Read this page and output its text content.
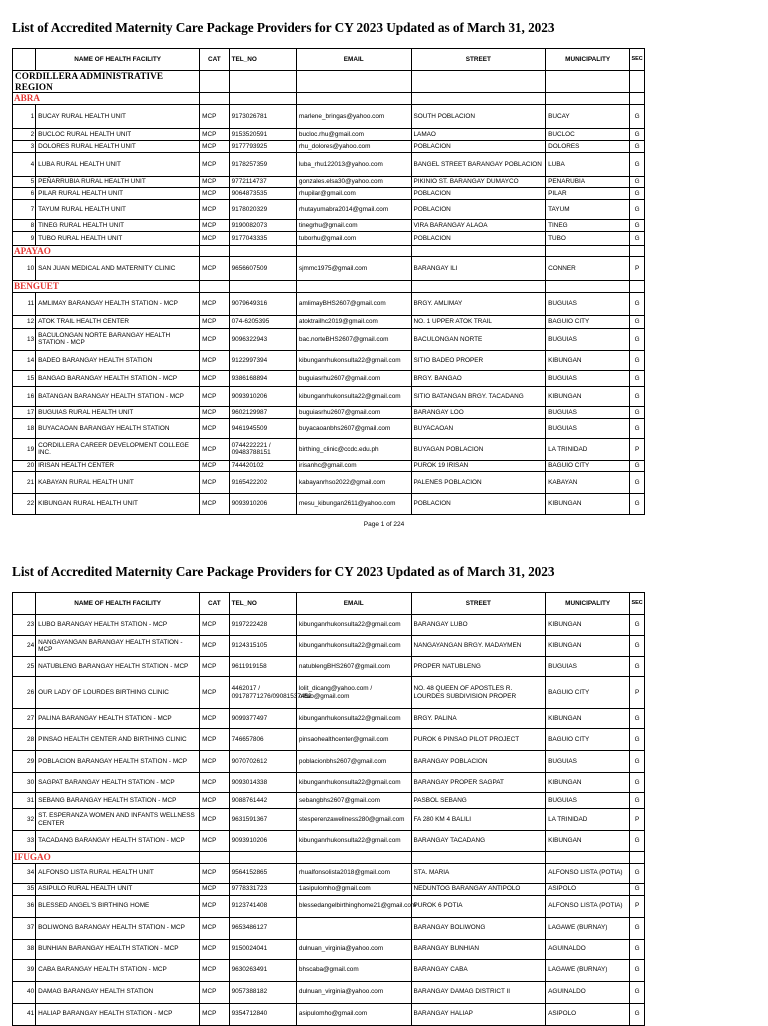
List of Accredited Maternity Care Package Providers for CY 2023 Updated as of March 31, 2023
	NAME OF HEALTH FACILITY	CAT	TEL_NO	EMAIL	STREET	MUNICIPALITY	SEC
CORDILLERA ADMINISTRATIVE REGION							
ABRA							
1	BUCAY RURAL HEALTH UNIT	MCP	9173026781	marlene_bringas@yahoo.com	SOUTH POBLACION	BUCAY	G
2	BUCLOC RURAL HEALTH UNIT	MCP	9153520591	bucloc.rhu@gmail.com	LAMAO	BUCLOC	G
3	DOLORES RURAL HEALTH UNIT	MCP	9177793925	rhu_dolores@yahoo.com	POBLACION	DOLORES	G
4	LUBA RURAL HEALTH UNIT	MCP	9178257359	luba_rhu122013@yahoo.com	BANGEL STREET BARANGAY POBLACION	LUBA	G
5	PEÑARRUBIA RURAL HEALTH UNIT	MCP	9772114737	gonzales.elsa30@yahoo.com	PIKINIO ST. BARANGAY DUMAYCO	PENARUBIA	G
6	PILAR RURAL HEALTH UNIT	MCP	9064873535	rhupilar@gmail.com	POBLACION	PILAR	G
7	TAYUM RURAL HEALTH UNIT	MCP	9178020329	rhutayumabra2014@gmail.com	POBLACION	TAYUM	G
8	TINEG RURAL HEALTH UNIT	MCP	9190082073	tinegrhu@gmail.com	VIRA BARANGAY ALAOA	TINEG	G
9	TUBO RURAL HEALTH UNIT	MCP	9177043335	tuborhu@gmail.com	POBLACION	TUBO	G
APAYAO							
10	SAN JUAN MEDICAL AND MATERNITY CLINIC	MCP	9656607509	sjmmc1975@gmail.com	BARANGAY ILI	CONNER	P
BENGUET							
11	AMLIMAY BARANGAY HEALTH STATION - MCP	MCP	9079649316	amlimayBHS2607@gmail.com	BRGY. AMLIMAY	BUGUIAS	G
12	ATOK TRAIL HEALTH CENTER	MCP	074-6205395	atoktrailhc2019@gmail.com	NO. 1 UPPER ATOK TRAIL	BAGUIO CITY	G
13	BACULONGAN NORTE BARANGAY HEALTH STATION - MCP	MCP	9096322943	bac.norteBHS2607@gmail.com	BACULONGAN NORTE	BUGUIAS	G
14	BADEO BARANGAY HEALTH STATION	MCP	9122997394	kibunganrhukonsulta22@gmail.com	SITIO BADEO PROPER	KIBUNGAN	G
15	BANGAO BARANGAY HEALTH STATION - MCP	MCP	9386168894	buguiasrhu2607@gmail.com	BRGY. BANGAO	BUGUIAS	G
16	BATANGAN BARANGAY HEALTH STATION - MCP	MCP	9093910206	kibunganrhukonsulta22@gmail.com	SITIO BATANGAN BRGY. TACADANG	KIBUNGAN	G
17	BUGUIAS RURAL HEALTH UNIT	MCP	9602129987	buguiasrhu2607@gmail.com	BARANGAY LOO	BUGUIAS	G
18	BUYACAOAN BARANGAY HEALTH STATION	MCP	9461945509	buyacaoanbhs2607@gmail.com	BUYACAOAN	BUGUIAS	G
19	CORDILLERA CAREER DEVELOPMENT COLLEGE INC.	MCP	0744222221 / 09483788151	birthing_clinic@ccdc.edu.ph	BUYAGAN POBLACION	LA TRINIDAD	P
20	IRISAN HEALTH CENTER	MCP	744420102	irisanhc@gmail.com	PUROK 19 IRISAN	BAGUIO CITY	G
21	KABAYAN RURAL HEALTH UNIT	MCP	9165422202	kabayanrhso2022@gmail.com	PALENES POBLACION	KABAYAN	G
22	KIBUNGAN RURAL HEALTH UNIT	MCP	9093910206	mesu_kibungan2611@yahoo.com	POBLACION	KIBUNGAN	G
Page 1 of 224
List of Accredited Maternity Care Package Providers for CY 2023 Updated as of March 31, 2023
	NAME OF HEALTH FACILITY	CAT	TEL_NO	EMAIL	STREET	MUNICIPALITY	SEC
23	LUBO BARANGAY HEALTH STATION - MCP	MCP	9197222428	kibunganrhukonsulta22@gmail.com	BARANGAY LUBO	KIBUNGAN	G
24	NANGAYANGAN BARANGAY HEALTH STATION - MCP	MCP	9124315105	kibunganrhukonsulta22@gmail.com	NANGAYANGAN BRGY. MADAYMEN	KIBUNGAN	G
25	NATUBLENG BARANGAY HEALTH STATION - MCP	MCP	9611919158	natublengBHS2607@gmail.com	PROPER NATUBLENG	BUGUIAS	G
26	OUR LADY OF LOURDES BIRTHING CLINIC	MCP	4462017 / 09178771276/09081537452	lolit_dicang@yahoo.com / ollbio@gmail.com	NO. 48 QUEEN OF APOSTLES R. LOURDES SUBDIVISION PROPER	BAGUIO CITY	P
27	PALINA BARANGAY HEALTH STATION - MCP	MCP	9099377497	kibunganrhukonsulta22@gmail.com	BRGY. PALINA	KIBUNGAN	G
28	PINSAO HEALTH CENTER AND BIRTHING CLINIC	MCP	746657806	pinsaohealthcenter@gmail.com	PUROK 6 PINSAO PILOT PROJECT	BAGUIO CITY	G
29	POBLACION BARANGAY HEALTH STATION - MCP	MCP	9070702612	poblacionbhs2607@gmail.com	BARANGAY POBLACION	BUGUIAS	G
30	SAGPAT BARANGAY HEALTH STATION - MCP	MCP	9093014338	kibunganrhukonsulta22@gmail.com	BARANGAY PROPER SAGPAT	KIBUNGAN	G
31	SEBANG BARANGAY HEALTH STATION - MCP	MCP	9088761442	sebangbhs2607@gmail.com	PASBOL SEBANG	BUGUIAS	G
32	ST. ESPERANZA WOMEN AND INFANTS WELLNESS CENTER	MCP	9631591367	stesperenzawellness280@gmail.com	FA 280 KM 4 BALILI	LA TRINIDAD	P
33	TACADANG BARANGAY HEALTH STATION - MCP	MCP	9093910206	kibunganrhukonsulta22@gmail.com	BARANGAY TACADANG	KIBUNGAN	G
IFUGAO							
34	ALFONSO LISTA RURAL HEALTH UNIT	MCP	9564152865	rhualfonsolista2018@gmail.com	STA. MARIA	ALFONSO LISTA (POTIA)	G
35	ASIPULO RURAL HEALTH UNIT	MCP	9778331723	1asipulomho@gmail.com	NEDUNTOG BARANGAY ANTIPOLO	ASIPOLO	G
36	BLESSED ANGEL'S BIRTHING HOME	MCP	9123741408	blessedangelbirthinghome21@gmail.com	PUROK 6 POTIA	ALFONSO LISTA (POTIA)	P
37	BOLIWONG BARANGAY HEALTH STATION - MCP	MCP	9653486127		BARANGAY BOLIWONG	LAGAWE (BURNAY)	G
38	BUNHIAN BARANGAY HEALTH STATION - MCP	MCP	9150024041	dulnuan_virginia@yahoo.com	BARANGAY BUNHIAN	AGUINALDO	G
39	CABA BARANGAY HEALTH STATION - MCP	MCP	9630263491	bhscaba@gmail.com	BARANGAY CABA	LAGAWE (BURNAY)	G
40	DAMAG BARANGAY HEALTH STATION	MCP	9057388182	dulnuan_virginia@yahoo.com	BARANGAY DAMAG DISTRICT II	AGUINALDO	G
41	HALIAP BARANGAY HEALTH STATION - MCP	MCP	9354712840	asipulomho@gmail.com	BARANGAY HALIAP	ASIPOLO	G
